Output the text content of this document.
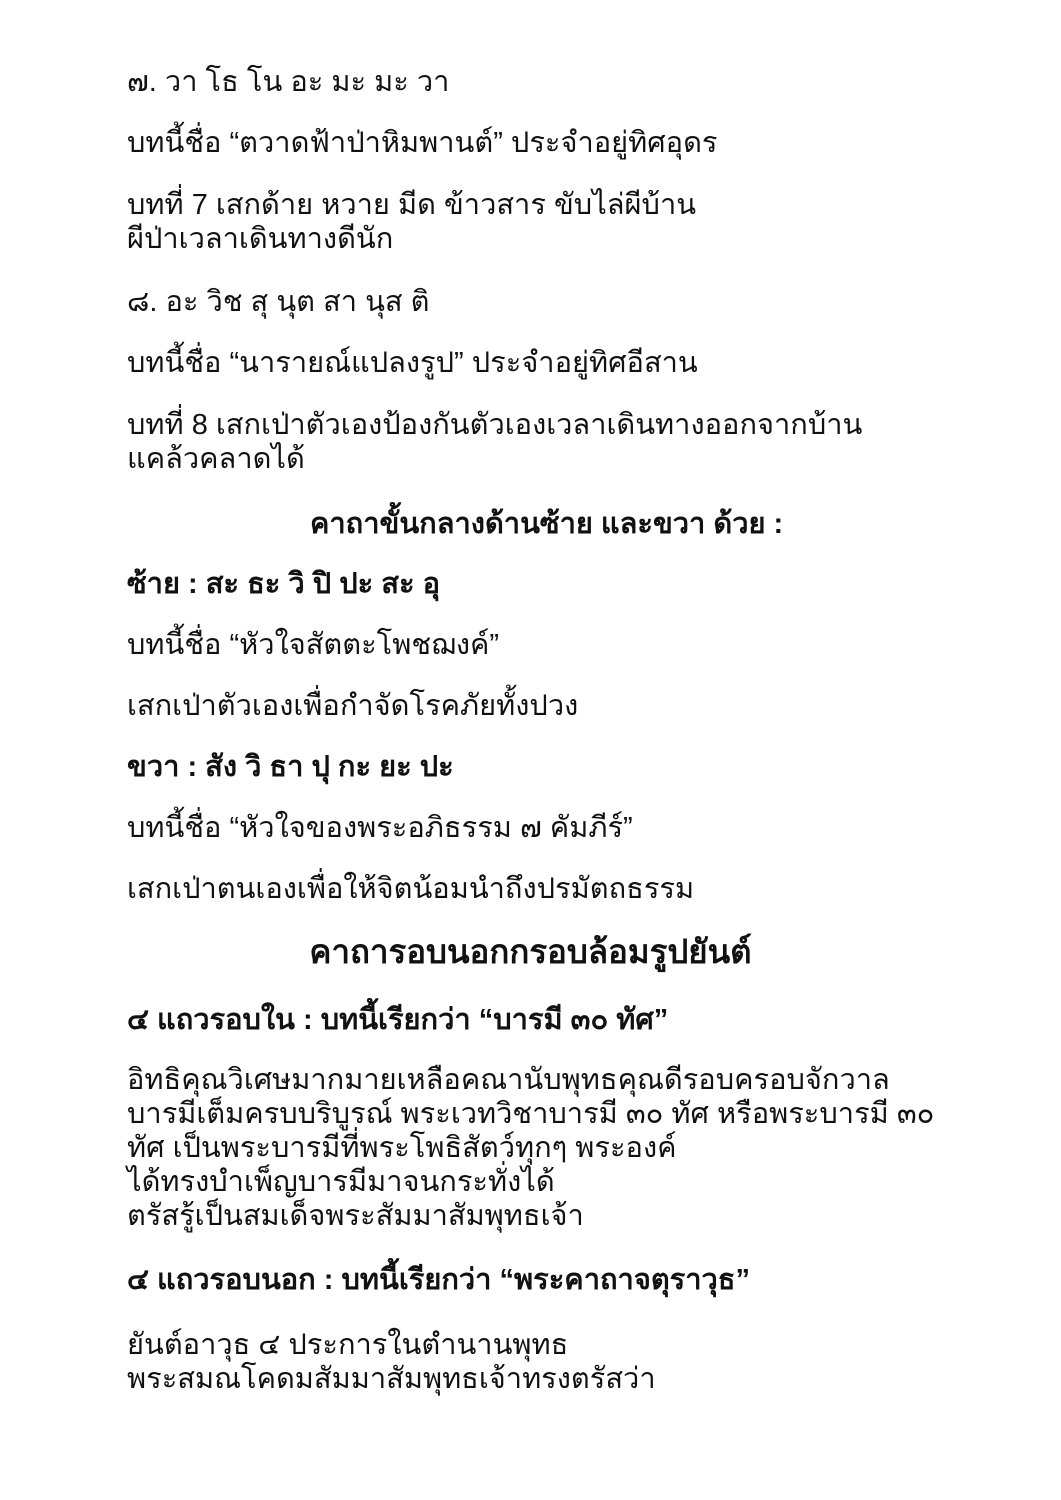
๗. วา โธ โน อะ มะ มะ วา
บทนี้ชื่อ “ตวาดฟ้าป่าหิมพานต์” ประจำอยู่ทิศอุดร
บทที่ 7 เสกด้าย หวาย มีด ข้าวสาร ขับไล่ผีบ้าน
ผีป่าเวลาเดินทางดีนัก
๘. อะ วิช สุ นุต สา นุส ติ
บทนี้ชื่อ “นารายณ์แปลงรูป” ประจำอยู่ทิศอีสาน
บทที่ 8 เสกเป่าตัวเองป้องกันตัวเองเวลาเดินทางออกจากบ้าน
แคล้วคลาดได้
คาถาขั้นกลางด้านซ้าย และขวา ด้วย :
ซ้าย : สะ ธะ วิ ปิ ปะ สะ อุ
บทนี้ชื่อ “หัวใจสัตตะโพชฌงค์”
เสกเป่าตัวเองเพื่อกำจัดโรคภัยทั้งปวง
ขวา : สัง วิ ธา ปุ กะ ยะ ปะ
บทนี้ชื่อ “หัวใจของพระอภิธรรม ๗ คัมภีร์”
เสกเป่าตนเองเพื่อให้จิตน้อมนำถึงปรมัตถธรรม
คาถารอบนอกกรอบล้อมรูปยันต์
๔ แถวรอบใน : บทนี้เรียกว่า “บารมี ๓๐ ทัศ”
อิทธิคุณวิเศษมากมายเหลือคณานับพุทธคุณดีรอบครอบจักวาล
บารมีเต็มครบบริบูรณ์ พระเวทวิชาบารมี ๓๐ ทัศ หรือพระบารมี ๓๐
ทัศ เป็นพระบารมีที่พระโพธิสัตว์ทุกๆ พระองค์
ได้ทรงบำเพ็ญบารมีมาจนกระทั่งได้
ตรัสรู้เป็นสมเด็จพระสัมมาสัมพุทธเจ้า
๔ แถวรอบนอก : บทนี้เรียกว่า “พระคาถาจตุราวุธ”
ยันต์อาวุธ ๔ ประการในตำนานพุทธ
พระสมณโคดมสัมมาสัมพุทธเจ้าทรงตรัสว่า
